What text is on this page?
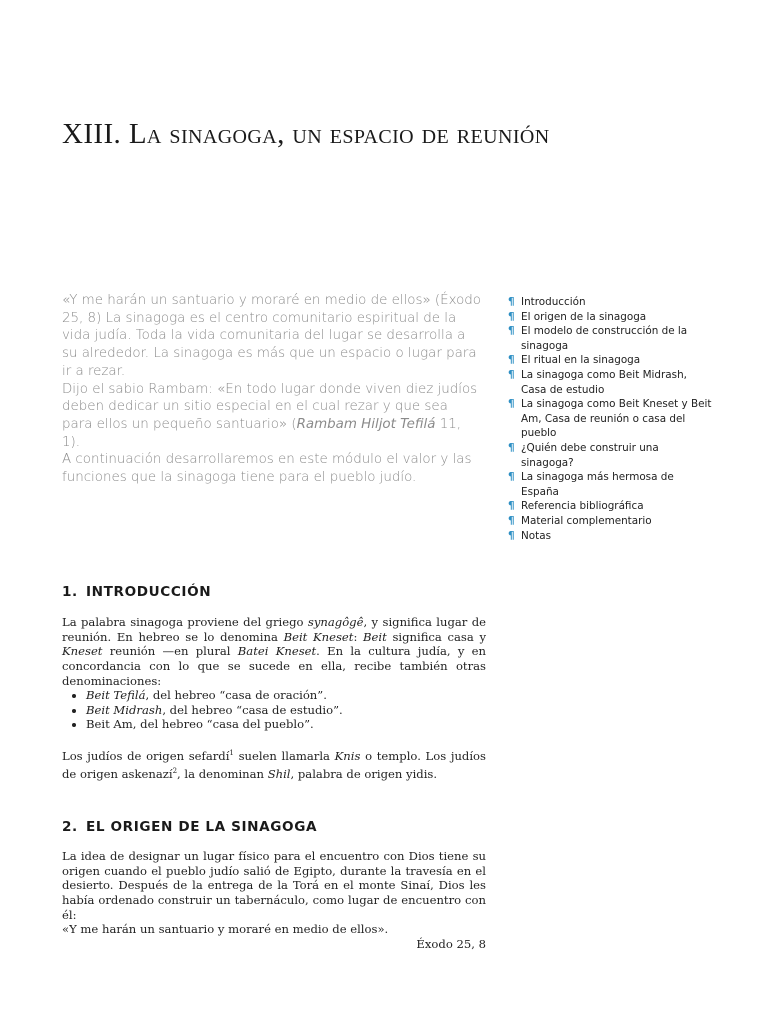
XIII. La sinagoga, un espacio de reunión

«Y me harán un santuario y moraré en medio de ellos» (Éxodo 25, 8) La sinagoga es el centro comunitario espiritual de la vida judía. Toda la vida comunitaria del lugar se desarrolla a su alrededor. La sinagoga es más que un espacio o lugar para ir a rezar.

Dijo el sabio Rambam: «En todo lugar donde viven diez judíos deben dedicar un sitio especial en el cual rezar y que sea para ellos un pequeño santuario» (Rambam Hiljot Tefilá 11, 1).

A continuación desarrollaremos en este módulo el valor y las funciones que la sinagoga tiene para el pueblo judío.

¶ Introducción
¶ El origen de la sinagoga
¶ El modelo de construcción de la sinagoga
¶ El ritual en la sinagoga
¶ La sinagoga como Beit Midrash, Casa de estudio
¶ La sinagoga como Beit Kneset y Beit Am, Casa de reunión o casa del pueblo
¶ ¿Quién debe construir una sinagoga?
¶ La sinagoga más hermosa de España
¶ Referencia bibliográfica
¶ Material complementario
¶ Notas
1. INTRODUCCIÓN

La palabra sinagoga proviene del griego synagôgê, y significa lugar de reunión. En hebreo se lo denomina Beit Kneset: Beit significa casa y Kneset reunión —en plural Batei Kneset. En la cultura judía, y en concordancia con lo que se sucede en ella, recibe también otras denominaciones:

• Beit Tefilá, del hebreo “casa de oración”.
• Beit Midrash, del hebreo “casa de estudio”.
• Beit Am, del hebreo “casa del pueblo”.

Los judíos de origen sefardí$^1$ suelen llamarla Knis o templo. Los judíos de origen askenazí$^2$, la denominan Shil, palabra de origen yidis.

2. EL ORIGEN DE LA SINAGOGA

La idea de designar un lugar físico para el encuentro con Dios tiene su origen cuando el pueblo judío salió de Egipto, durante la travesía en el desierto. Después de la entrega de la Torá en el monte Sinaí, Dios les había ordenado construir un tabernáculo, como lugar de encuentro con él:

«Y me harán un santuario y moraré en medio de ellos».
Éxodo 25, 8
